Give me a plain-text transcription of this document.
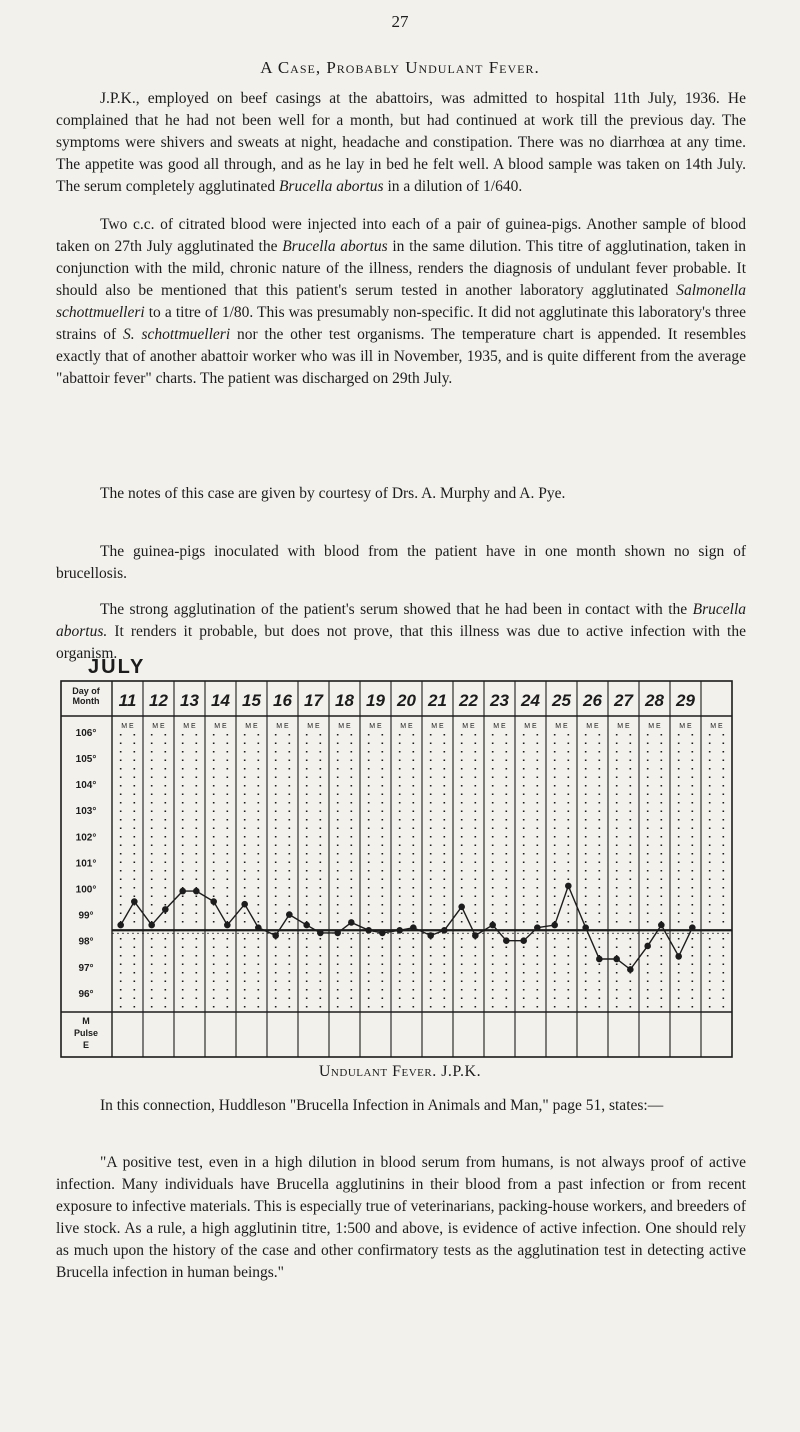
27
A Case, Probably Undulant Fever.

J.P.K., employed on beef casings at the abattoirs, was admitted to hospital 11th July, 1936. He complained that he had not been well for a month, but had continued at work till the previous day. The symptoms were shivers and sweats at night, headache and constipation. There was no diarrhœa at any time. The appetite was good all through, and as he lay in bed he felt well. A blood sample was taken on 14th July. The serum completely agglutinated Brucella abortus in a dilution of 1/640.

Two c.c. of citrated blood were injected into each of a pair of guinea-pigs. Another sample of blood taken on 27th July agglutinated the Brucella abortus in the same dilution. This titre of agglutination, taken in conjunction with the mild, chronic nature of the illness, renders the diagnosis of undulant fever probable. It should also be mentioned that this patient's serum tested in another laboratory agglutinated Salmonella schottmuelleri to a titre of 1/80. This was presumably non-specific. It did not agglutinate this laboratory's three strains of S. schottmuelleri nor the other test organisms. The temperature chart is appended. It resembles exactly that of another abattoir worker who was ill in November, 1935, and is quite different from the average "abattoir fever" charts. The patient was discharged on 29th July.

The notes of this case are given by courtesy of Drs. A. Murphy and A. Pye.

The guinea-pigs inoculated with blood from the patient have in one month shown no sign of brucellosis.

The strong agglutination of the patient's serum showed that he had been in contact with the Brucella abortus. It renders it probable, but does not prove, that this illness was due to active infection with the organism.

JULY
Day of
Month 11
M E
12
M E
13
M E
14
M E
15
M E
16
M E
17
M E
18
M E
19
M E
20
M E
21
M E
22
M E
23
M E
24
M E
25
M E
26
M E
27
M E
28
M E
29
M E	M E
106°
105°
104°
103°
102°
101°
100°
99°
98°
97°
96°
M
Pulse
E
Undulant Fever. J.P.K.

In this connection, Huddleson "Brucella Infection in Animals and Man," page 51, states:—

"A positive test, even in a high dilution in blood serum from humans, is not always proof of active infection. Many individuals have Brucella agglutinins in their blood from a past infection or from recent exposure to infective materials. This is especially true of veterinarians, packing-house workers, and breeders of live stock. As a rule, a high agglutinin titre, 1:500 and above, is evidence of active infection. One should rely as much upon the history of the case and other confirmatory tests as the agglutination test in detecting active Brucella infection in human beings."
